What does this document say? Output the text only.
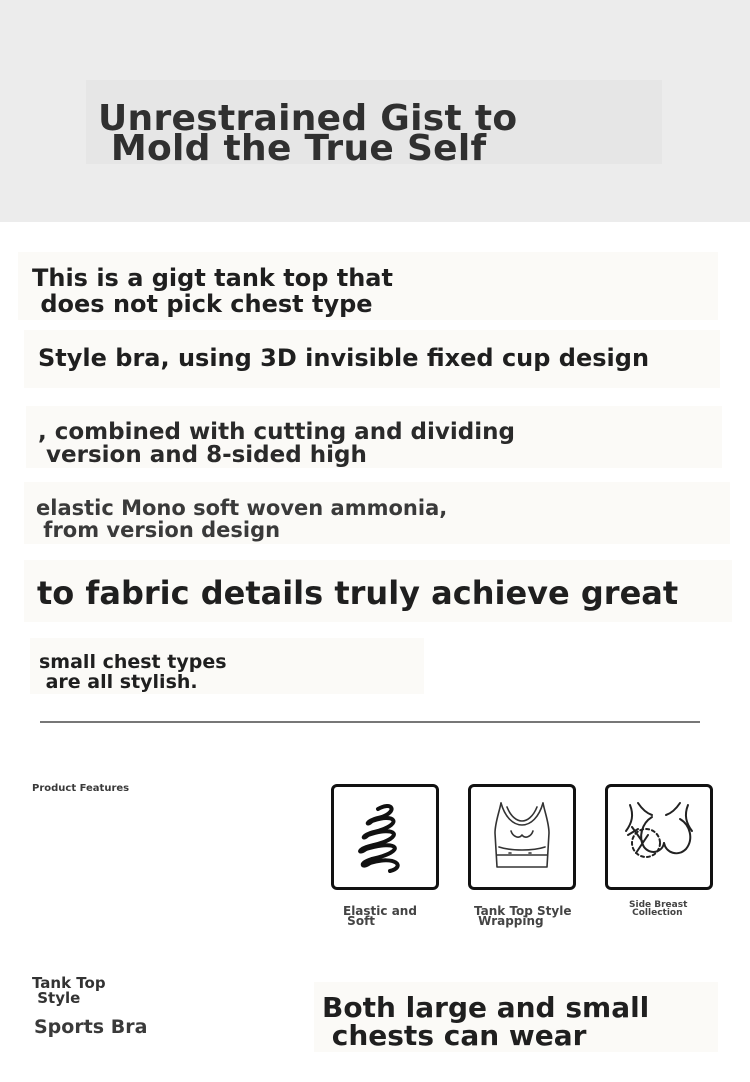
Unrestrained Gist to
Mold the True Self
This is a gigt tank top that
does not pick chest type
Style bra, using 3D invisible fixed cup design
, combined with cutting and dividing
version and 8-sided high
elastic Mono soft woven ammonia,
from version design
to fabric details truly achieve great
small chest types
are all stylish.
Product Features
Elastic and
Soft
Tank Top Style
Wrapping
Side Breast
Collection
Tank Top
Style
Sports Bra
Both large and small
chests can wear
